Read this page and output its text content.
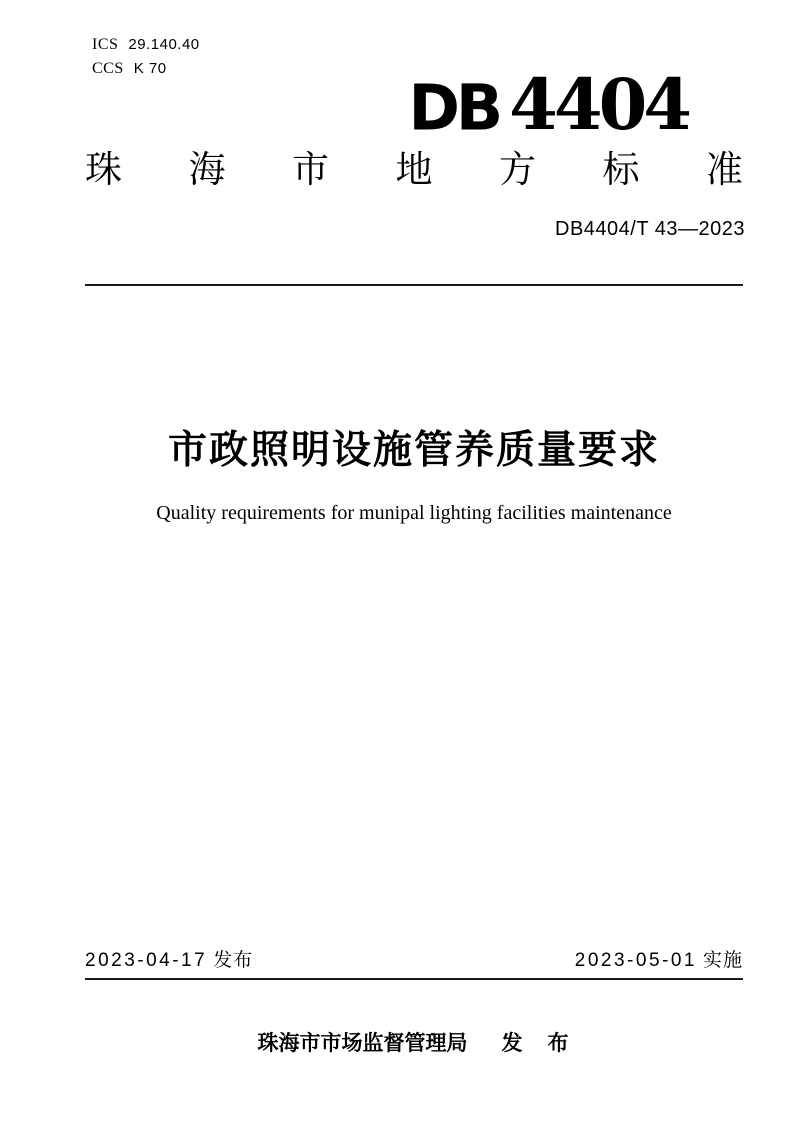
ICS 29.140.40
CCS K 70
DB 4404
珠 海 市 地 方 标 准
DB4404/T 43—2023
市政照明设施管养质量要求
Quality requirements for munipal lighting facilities maintenance
2023-04-17 发布	2023-05-01 实施
珠海市市场监督管理局 发　布
